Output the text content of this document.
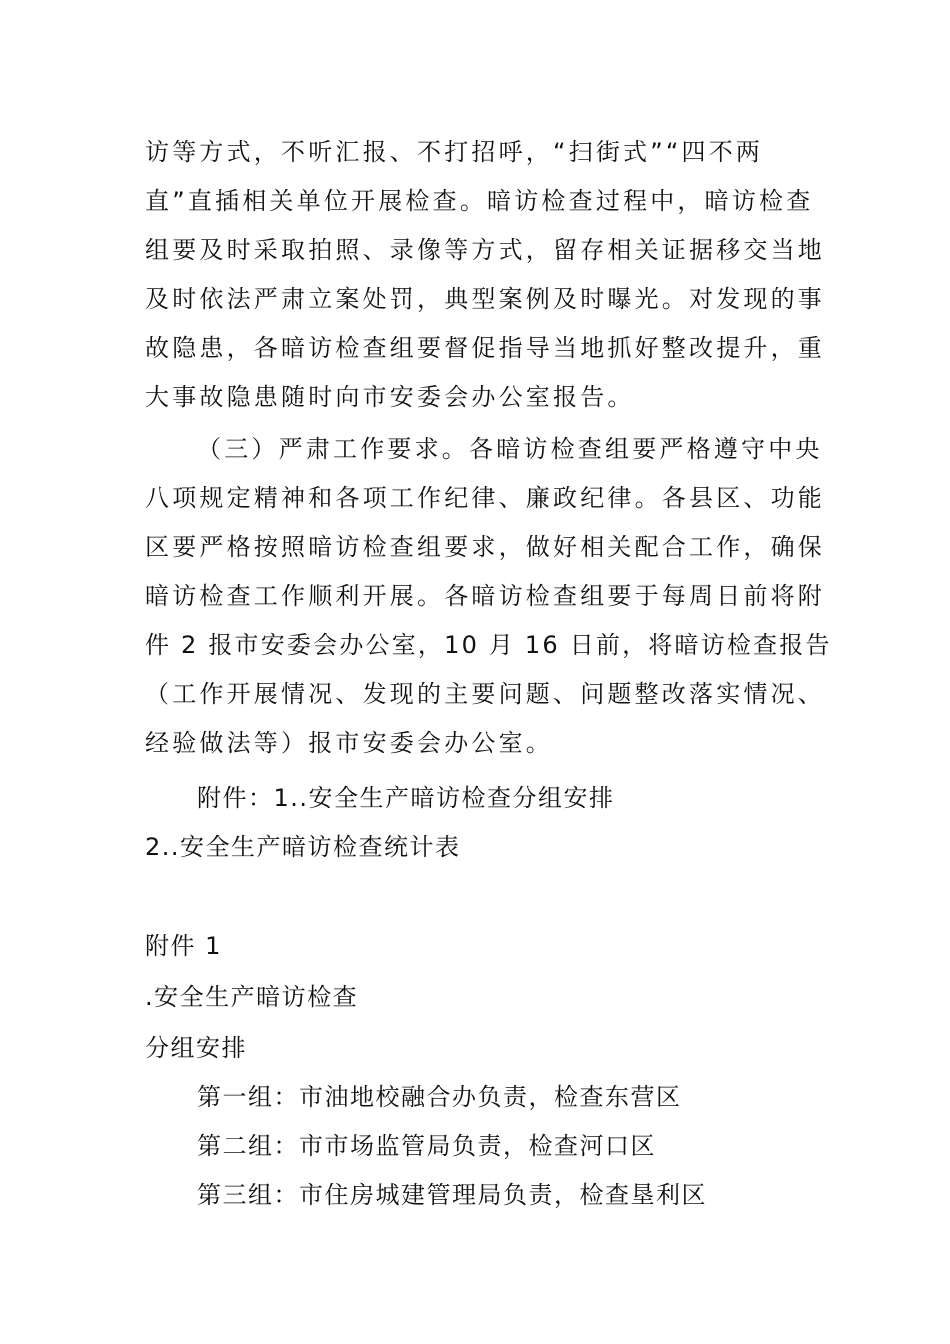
访等方式，不听汇报、不打招呼，“扫街式”“四不两
直”直插相关单位开展检查。暗访检查过程中，暗访检查
组要及时采取拍照、录像等方式，留存相关证据移交当地
及时依法严肃立案处罚，典型案例及时曝光。对发现的事
故隐患，各暗访检查组要督促指导当地抓好整改提升，重
大事故隐患随时向市安委会办公室报告。
（三）严肃工作要求。各暗访检查组要严格遵守中央
八项规定精神和各项工作纪律、廉政纪律。各县区、功能
区要严格按照暗访检查组要求，做好相关配合工作，确保
暗访检查工作顺利开展。各暗访检查组要于每周日前将附
件 2 报市安委会办公室，10 月 16 日前，将暗访检查报告
（工作开展情况、发现的主要问题、问题整改落实情况、
经验做法等）报市安委会办公室。
附件：1..安全生产暗访检查分组安排
2..安全生产暗访检查统计表
附件 1
.安全生产暗访检查
分组安排
第一组：市油地校融合办负责，检查东营区
第二组：市市场监管局负责，检查河口区
第三组：市住房城建管理局负责，检查垦利区
